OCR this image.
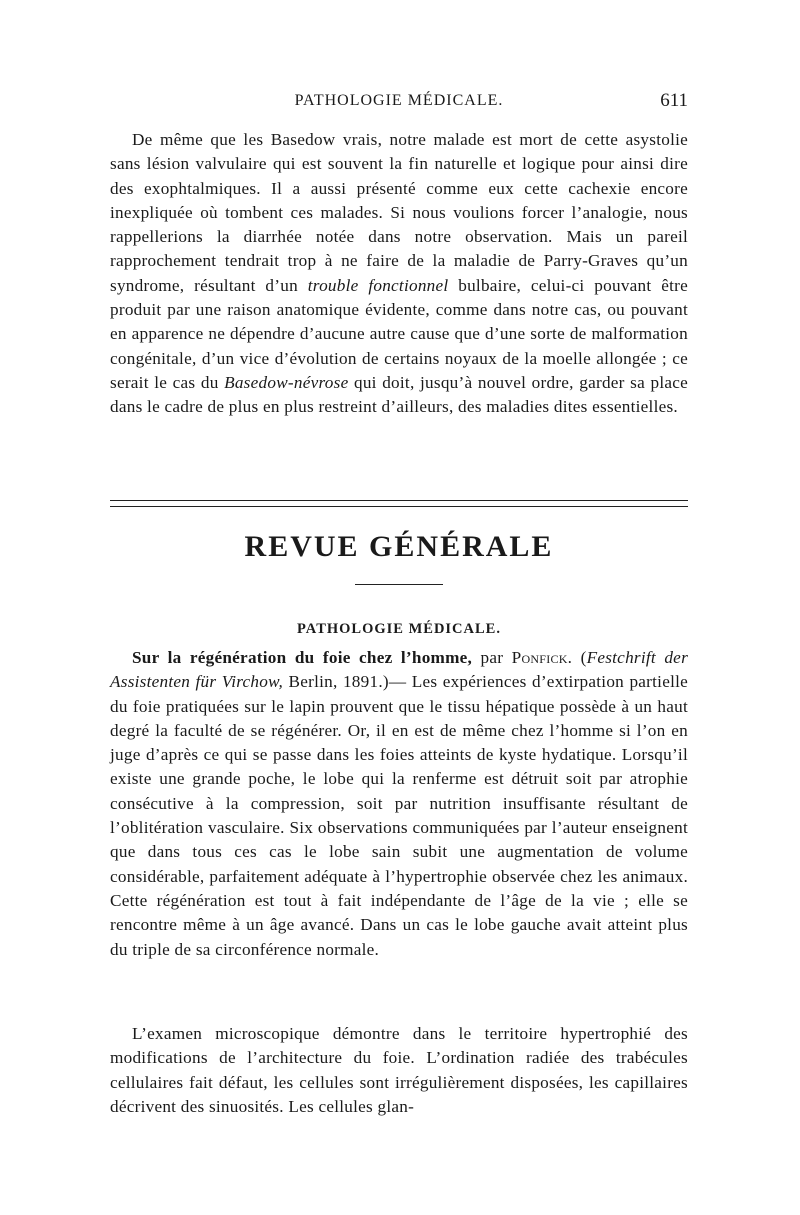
PATHOLOGIE MÉDICALE.	611
De même que les Basedow vrais, notre malade est mort de cette asystolie sans lésion valvulaire qui est souvent la fin naturelle et logique pour ainsi dire des exophtalmiques. Il a aussi présenté comme eux cette cachexie encore inexpliquée où tombent ces malades. Si nous voulions forcer l’analogie, nous rappellerions la diarrhée notée dans notre observation. Mais un pareil rapprochement tendrait trop à ne faire de la maladie de Parry-Graves qu’un syndrome, résultant d’un trouble fonctionnel bulbaire, celui-ci pouvant être produit par une raison anatomique évidente, comme dans notre cas, ou pouvant en apparence ne dépendre d’aucune autre cause que d’une sorte de malformation congénitale, d’un vice d’évolution de certains noyaux de la moelle allongée ; ce serait le cas du Basedow-névrose qui doit, jusqu’à nouvel ordre, garder sa place dans le cadre de plus en plus restreint d’ailleurs, des maladies dites essentielles.
REVUE GÉNÉRALE
PATHOLOGIE MÉDICALE.
Sur la régénération du foie chez l’homme, par Ponfick. (Festchrift der Assistenten für Virchow, Berlin, 1891.)— Les expériences d’extirpation partielle du foie pratiquées sur le lapin prouvent que le tissu hépatique possède à un haut degré la faculté de se régénérer. Or, il en est de même chez l’homme si l’on en juge d’après ce qui se passe dans les foies atteints de kyste hydatique. Lorsqu’il existe une grande poche, le lobe qui la renferme est détruit soit par atrophie consécutive à la compression, soit par nutrition insuffisante résultant de l’oblitération vasculaire. Six observations communiquées par l’auteur enseignent que dans tous ces cas le lobe sain subit une augmentation de volume considérable, parfaitement adéquate à l’hypertrophie observée chez les animaux. Cette régénération est tout à fait indépendante de l’âge de la vie ; elle se rencontre même à un âge avancé. Dans un cas le lobe gauche avait atteint plus du triple de sa circonférence normale.
L’examen microscopique démontre dans le territoire hypertrophié des modifications de l’architecture du foie. L’ordination radiée des trabécules cellulaires fait défaut, les cellules sont irrégulièrement disposées, les capillaires décrivent des sinuosités. Les cellules glan-
